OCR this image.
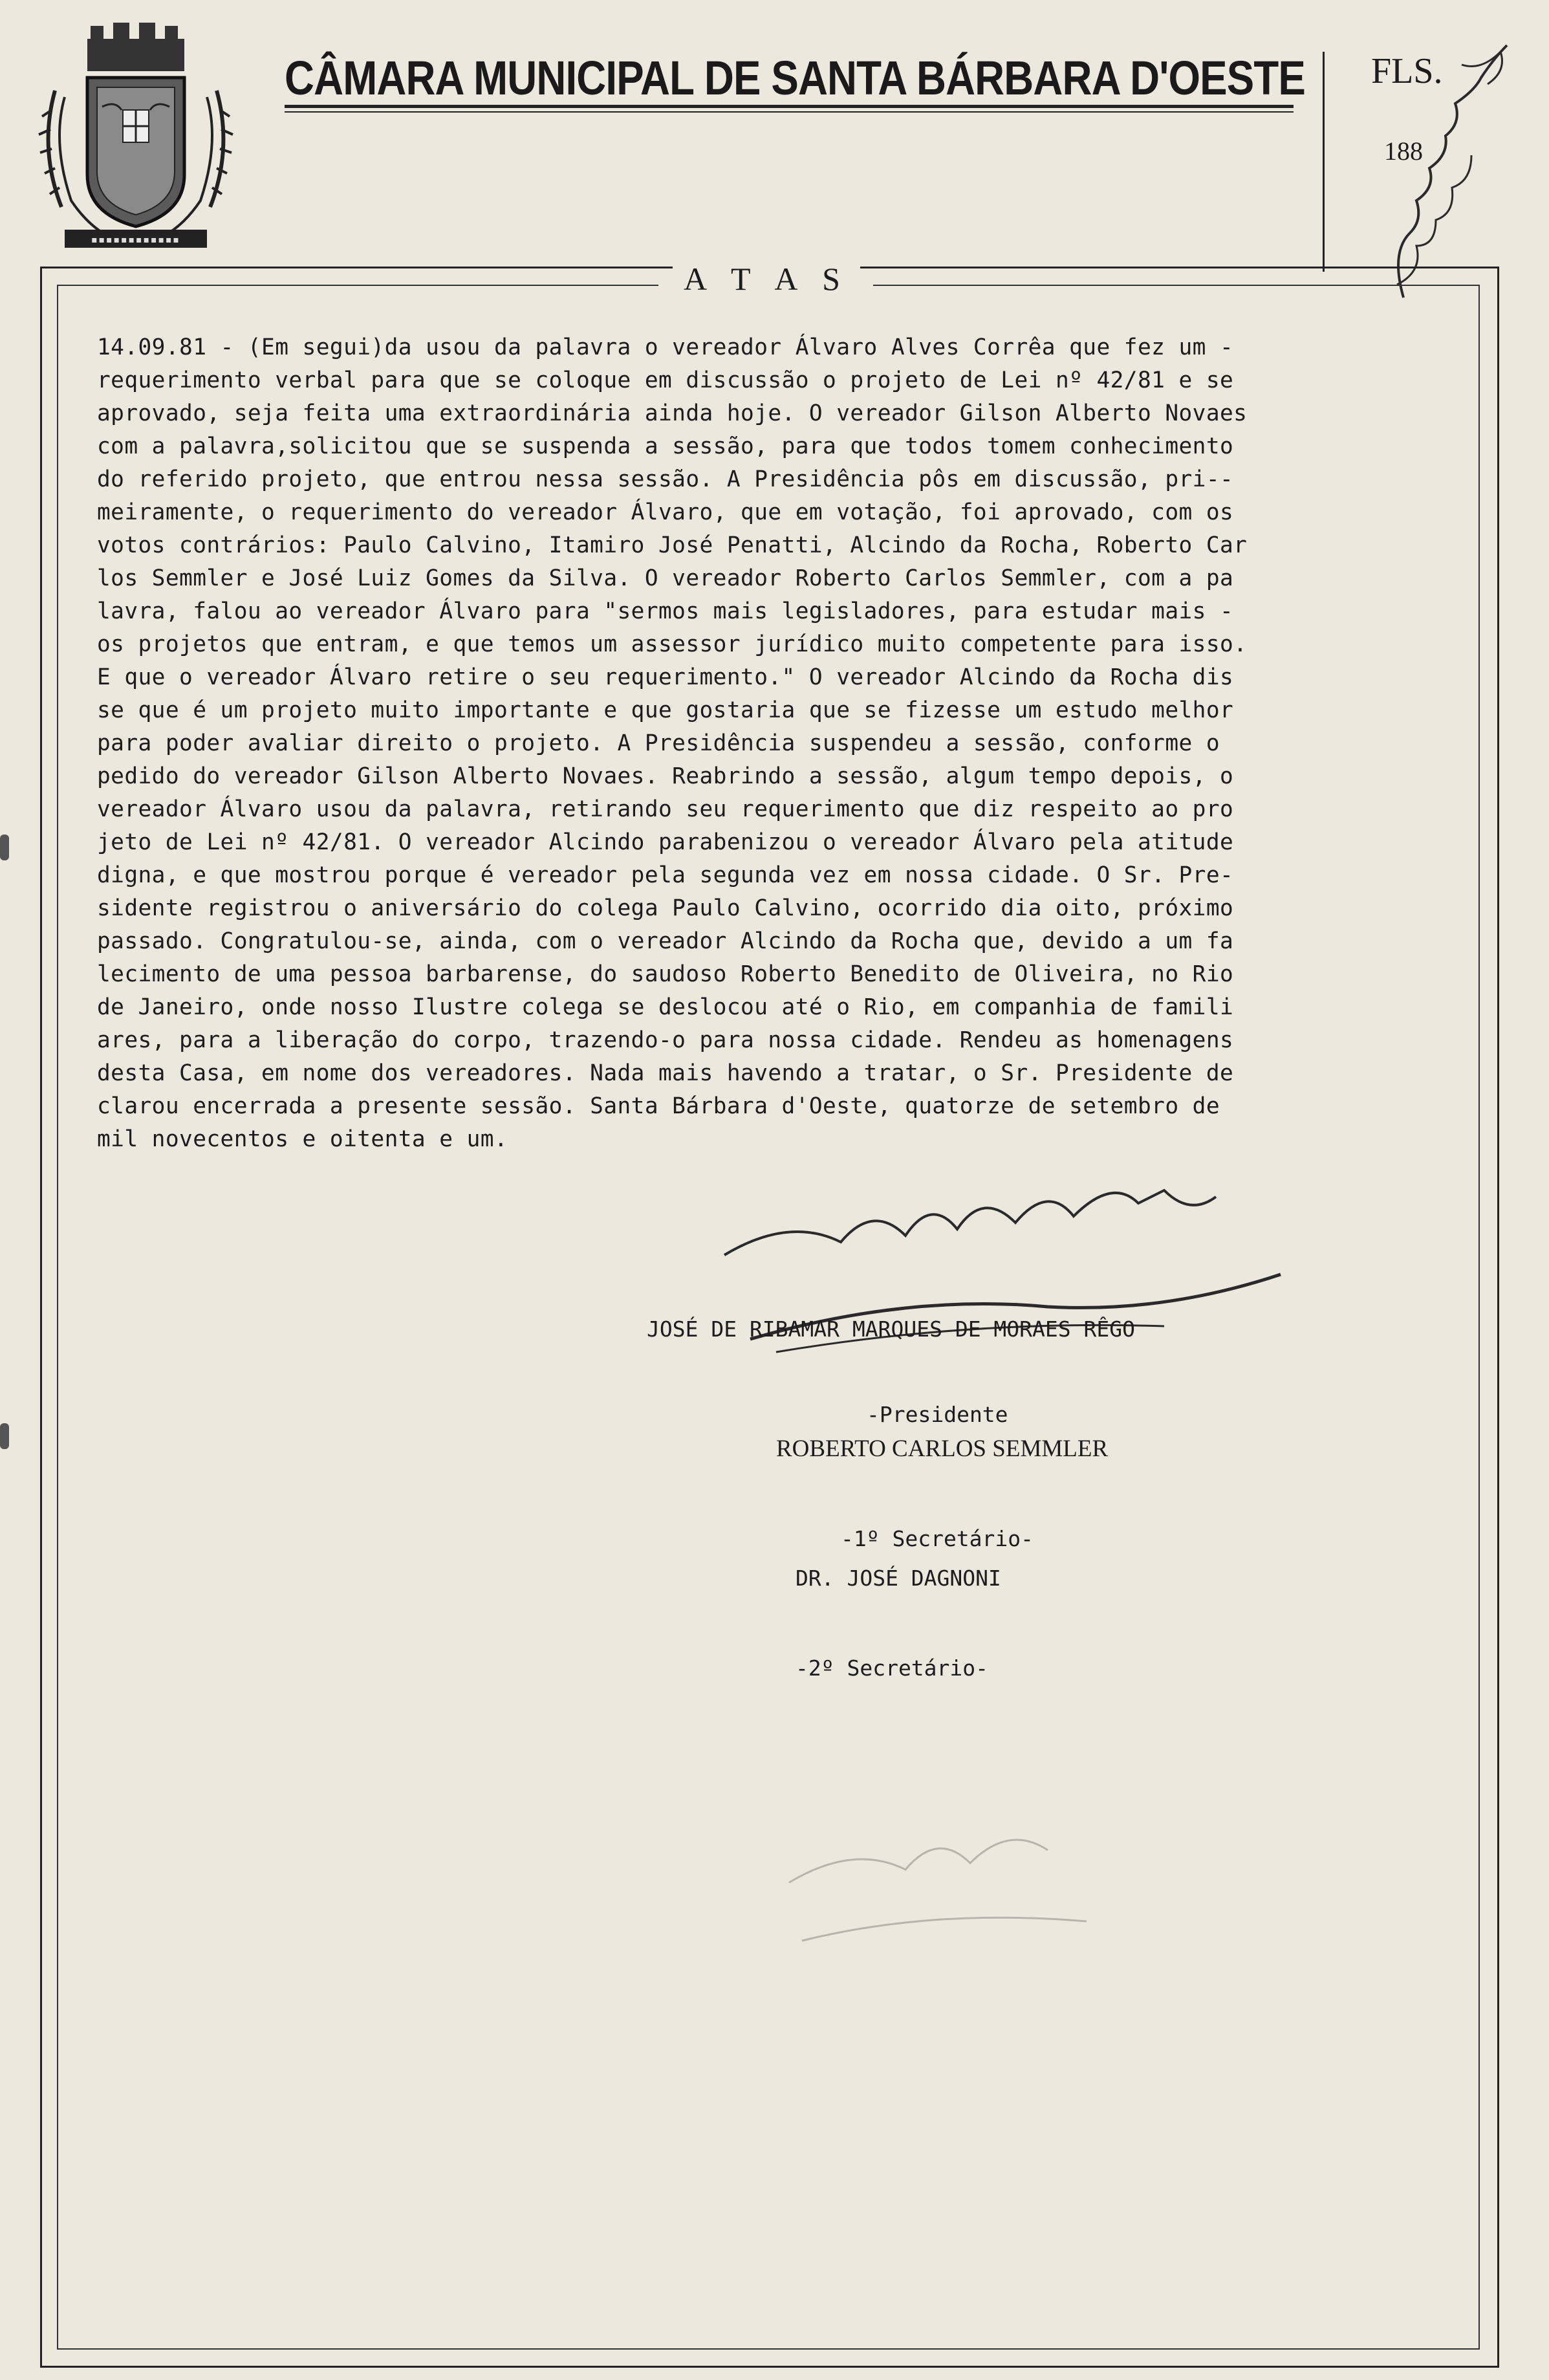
▪▪▪▪▪▪▪▪▪▪▪▪
CÂMARA MUNICIPAL DE SANTA BÁRBARA D'OESTE FLS.
188
A T A S
14.09.81 - (Em segui)da usou da palavra o vereador Álvaro Alves Corrêa que fez um -
requerimento verbal para que se coloque em discussão o projeto de Lei nº 42/81 e se
aprovado, seja feita uma extraordinária ainda hoje. O vereador Gilson Alberto Novaes
com a palavra,solicitou que se suspenda a sessão, para que todos tomem conhecimento
do referido projeto, que entrou nessa sessão. A Presidência pôs em discussão, pri--
meiramente, o requerimento do vereador Álvaro, que em votação, foi aprovado, com os
votos contrários: Paulo Calvino, Itamiro José Penatti, Alcindo da Rocha, Roberto Car
los Semmler e José Luiz Gomes da Silva. O vereador Roberto Carlos Semmler, com a pa
lavra, falou ao vereador Álvaro para "sermos mais legisladores, para estudar mais -
os projetos que entram, e que temos um assessor jurídico muito competente para isso.
E que o vereador Álvaro retire o seu requerimento." O vereador Alcindo da Rocha dis
se que é um projeto muito importante e que gostaria que se fizesse um estudo melhor
para poder avaliar direito o projeto. A Presidência suspendeu a sessão, conforme o
pedido do vereador Gilson Alberto Novaes. Reabrindo a sessão, algum tempo depois, o
vereador Álvaro usou da palavra, retirando seu requerimento que diz respeito ao pro
jeto de Lei nº 42/81. O vereador Alcindo parabenizou o vereador Álvaro pela atitude
digna, e que mostrou porque é vereador pela segunda vez em nossa cidade. O Sr. Pre-
sidente registrou o aniversário do colega Paulo Calvino, ocorrido dia oito, próximo
passado. Congratulou-se, ainda, com o vereador Alcindo da Rocha que, devido a um fa
lecimento de uma pessoa barbarense, do saudoso Roberto Benedito de Oliveira, no Rio
de Janeiro, onde nosso Ilustre colega se deslocou até o Rio, em companhia de famili
ares, para a liberação do corpo, trazendo-o para nossa cidade. Rendeu as homenagens
desta Casa, em nome dos vereadores. Nada mais havendo a tratar, o Sr. Presidente de
clarou encerrada a presente sessão. Santa Bárbara d'Oeste, quatorze de setembro de
mil novecentos e oitenta e um.

JOSÉ DE RIBAMAR MARQUES DE MORAES RÊGO

-Presidente

ROBERTO CARLOS SEMMLER

-1º Secretário-

DR. JOSÉ DAGNONI

-2º Secretário-
